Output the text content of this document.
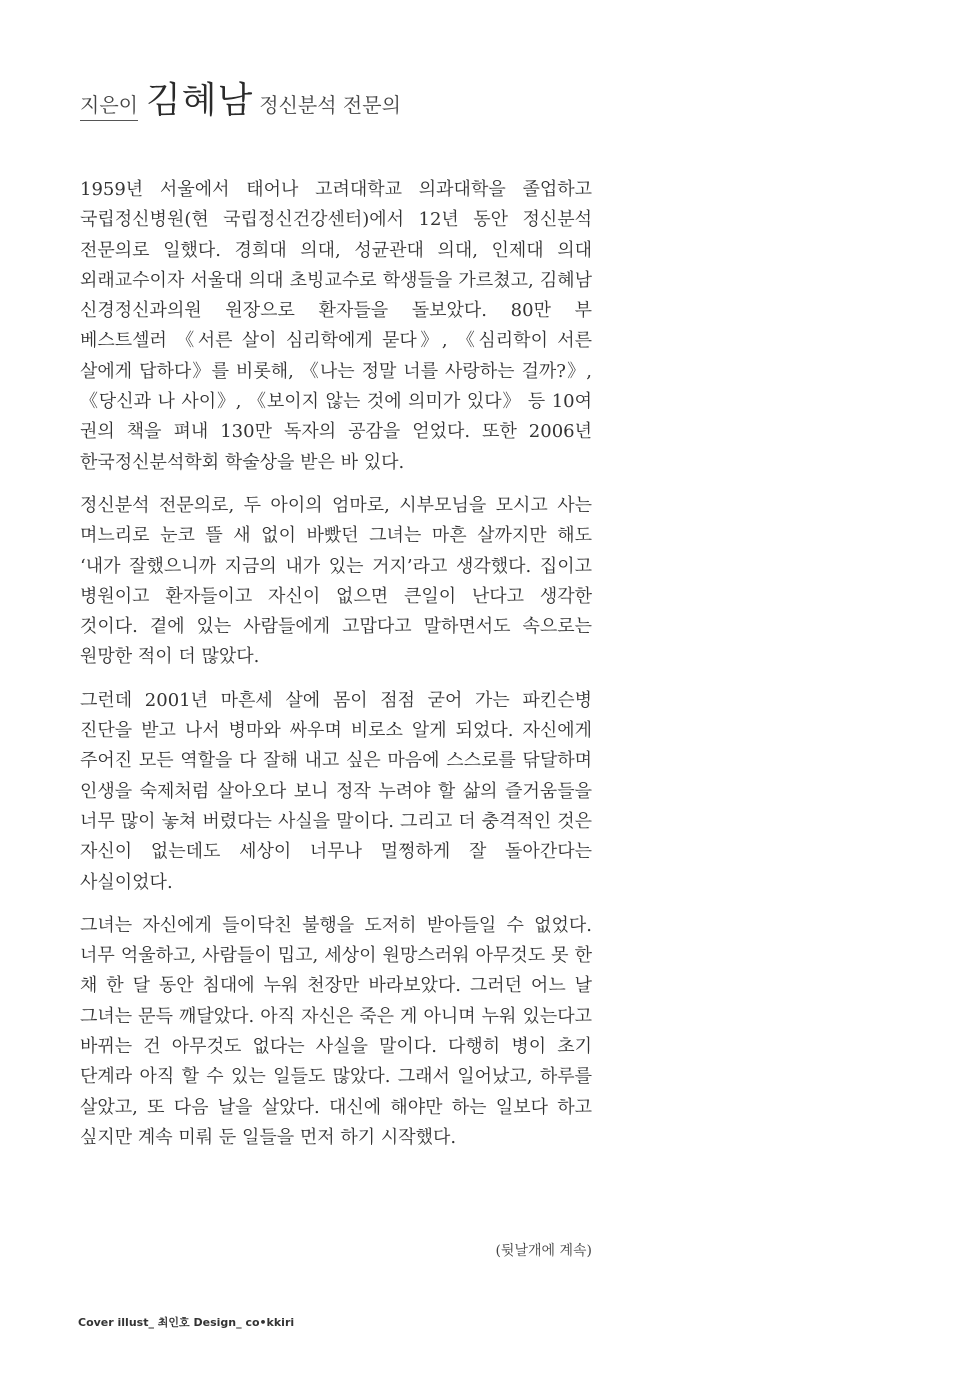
지은이 김혜남 정신분석 전문의

1959년 서울에서 태어나 고려대학교 의과대학을 졸업하고 국립정신병원(현 국립정신건강센터)에서 12년 동안 정신분석 전문의로 일했다. 경희대 의대, 성균관대 의대, 인제대 의대 외래교수이자 서울대 의대 초빙교수로 학생들을 가르쳤고, 김혜남 신경정신과의원 원장으로 환자들을 돌보았다. 80만 부 베스트셀러 《서른 살이 심리학에게 묻다》, 《심리학이 서른 살에게 답하다》를 비롯해, 《나는 정말 너를 사랑하는 걸까?》, 《당신과 나 사이》, 《보이지 않는 것에 의미가 있다》 등 10여 권의 책을 펴내 130만 독자의 공감을 얻었다. 또한 2006년 한국정신분석학회 학술상을 받은 바 있다.

정신분석 전문의로, 두 아이의 엄마로, 시부모님을 모시고 사는 며느리로 눈코 뜰 새 없이 바빴던 그녀는 마흔 살까지만 해도 ‘내가 잘했으니까 지금의 내가 있는 거지’라고 생각했다. 집이고 병원이고 환자들이고 자신이 없으면 큰일이 난다고 생각한 것이다. 곁에 있는 사람들에게 고맙다고 말하면서도 속으로는 원망한 적이 더 많았다.

그런데 2001년 마흔세 살에 몸이 점점 굳어 가는 파킨슨병 진단을 받고 나서 병마와 싸우며 비로소 알게 되었다. 자신에게 주어진 모든 역할을 다 잘해 내고 싶은 마음에 스스로를 닦달하며 인생을 숙제처럼 살아오다 보니 정작 누려야 할 삶의 즐거움들을 너무 많이 놓쳐 버렸다는 사실을 말이다. 그리고 더 충격적인 것은 자신이 없는데도 세상이 너무나 멀쩡하게 잘 돌아간다는 사실이었다.

그녀는 자신에게 들이닥친 불행을 도저히 받아들일 수 없었다. 너무 억울하고, 사람들이 밉고, 세상이 원망스러워 아무것도 못 한 채 한 달 동안 침대에 누워 천장만 바라보았다. 그러던 어느 날 그녀는 문득 깨달았다. 아직 자신은 죽은 게 아니며 누워 있는다고 바뀌는 건 아무것도 없다는 사실을 말이다. 다행히 병이 초기 단계라 아직 할 수 있는 일들도 많았다. 그래서 일어났고, 하루를 살았고, 또 다음 날을 살았다. 대신에 해야만 하는 일보다 하고 싶지만 계속 미뤄 둔 일들을 먼저 하기 시작했다.

(뒷날개에 계속)
Cover illust_ 최인호 Design_ co•kkiri
